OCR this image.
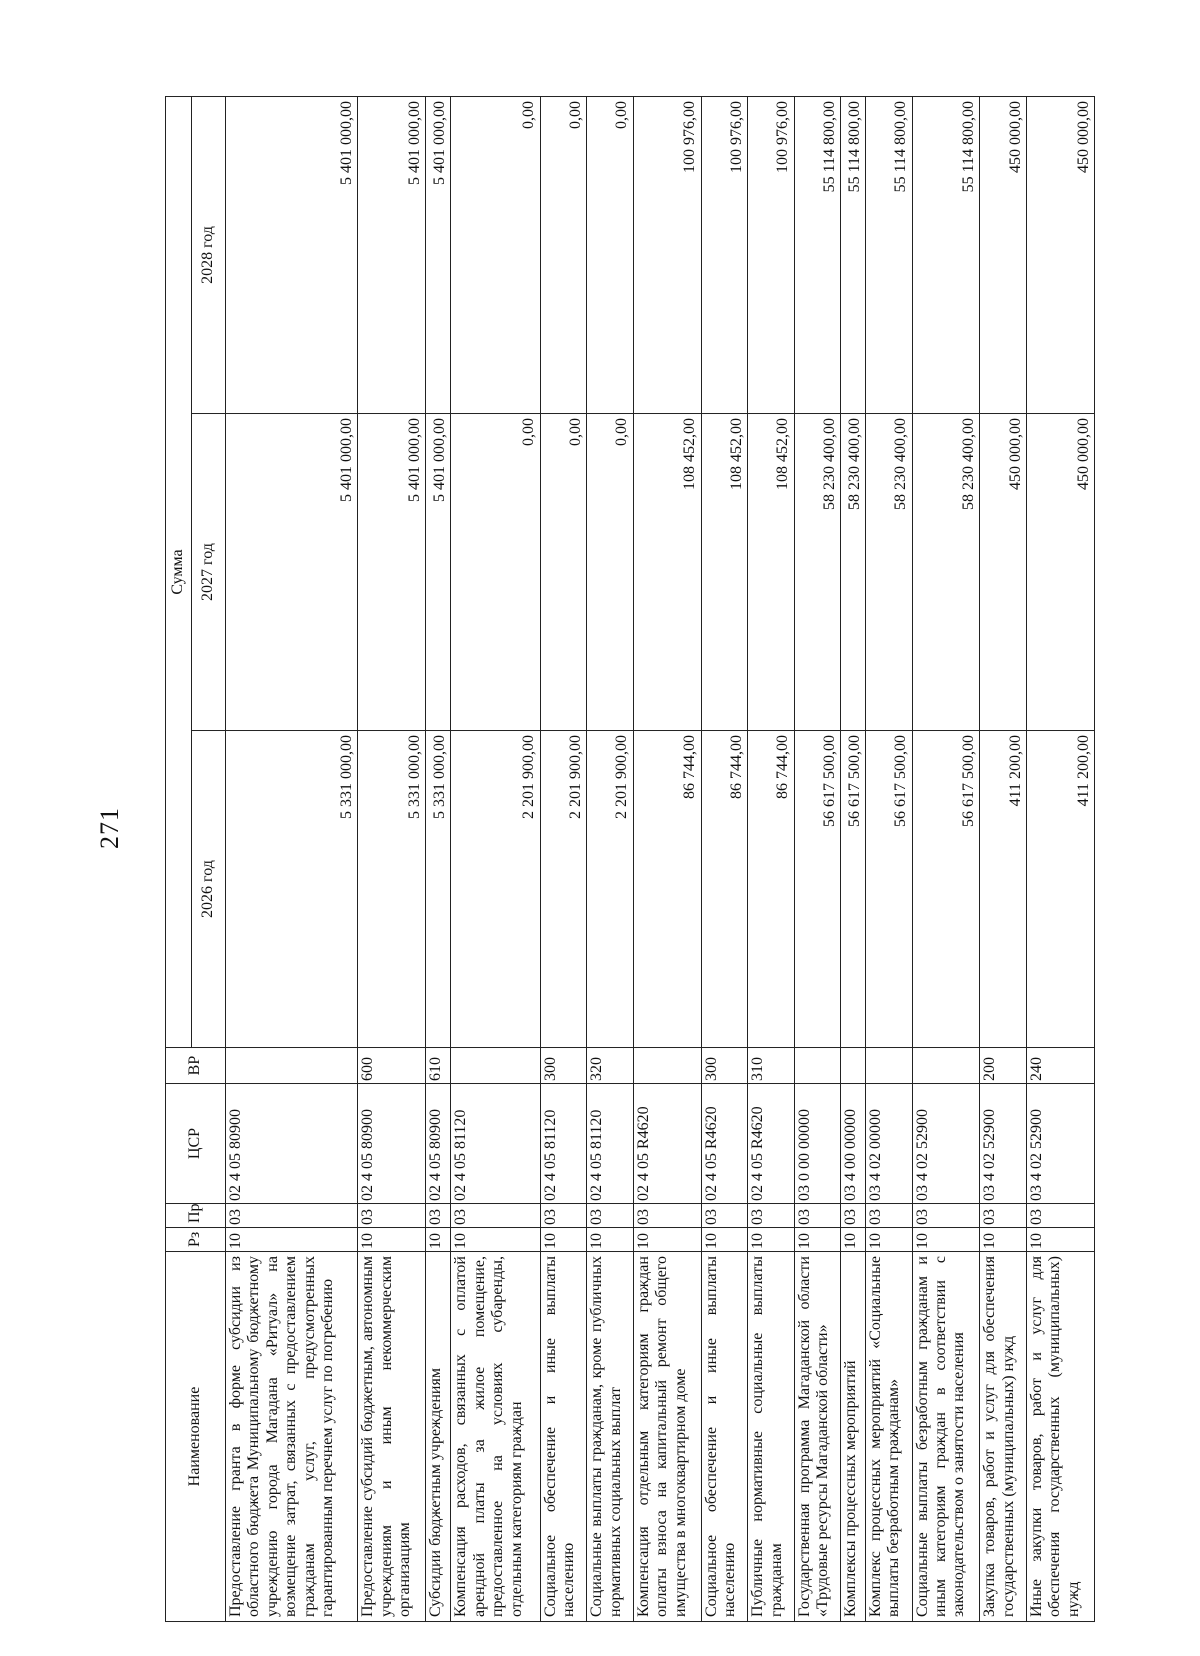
271
Наименование	Рз	Пр	ЦСР	ВР	Сумма		
					2026 год	2027 год	2028 год
Предоставление гранта в форме субсидии из областного бюджета Муниципальному бюджетному учреждению города Магадана «Ритуал» на возмещение затрат, связанных с предоставлением гражданам услуг, предусмотренных гарантированным перечнем услуг по погребению	10	03	02 4 05 80900		5 331 000,00	5 401 000,00	5 401 000,00
Предоставление субсидий бюджетным, автономным учреждениям и иным некоммерческим организациям	10	03	02 4 05 80900	600	5 331 000,00	5 401 000,00	5 401 000,00
Субсидии бюджетным учреждениям	10	03	02 4 05 80900	610	5 331 000,00	5 401 000,00	5 401 000,00
Компенсация расходов, связанных с оплатой арендной платы за жилое помещение, предоставленное на условиях субаренды, отдельным категориям граждан	10	03	02 4 05 81120		2 201 900,00	0,00	0,00
Социальное обеспечение и иные выплаты населению	10	03	02 4 05 81120	300	2 201 900,00	0,00	0,00
Социальные выплаты гражданам, кроме публичных нормативных социальных выплат	10	03	02 4 05 81120	320	2 201 900,00	0,00	0,00
Компенсация отдельным категориям граждан оплаты взноса на капитальный ремонт общего имущества в многоквартирном доме	10	03	02 4 05 R4620		86 744,00	108 452,00	100 976,00
Социальное обеспечение и иные выплаты населению	10	03	02 4 05 R4620	300	86 744,00	108 452,00	100 976,00
Публичные нормативные социальные выплаты гражданам	10	03	02 4 05 R4620	310	86 744,00	108 452,00	100 976,00
Государственная программа Магаданской области «Трудовые ресурсы Магаданской области»	10	03	03 0 00 00000		56 617 500,00	58 230 400,00	55 114 800,00
Комплексы процессных мероприятий	10	03	03 4 00 00000		56 617 500,00	58 230 400,00	55 114 800,00
Комплекс процессных мероприятий «Социальные выплаты безработным гражданам»	10	03	03 4 02 00000		56 617 500,00	58 230 400,00	55 114 800,00
Социальные выплаты безработным гражданам и иным категориям граждан в соответствии с законодательством о занятости населения	10	03	03 4 02 52900		56 617 500,00	58 230 400,00	55 114 800,00
Закупка товаров, работ и услуг для обеспечения государственных (муниципальных) нужд	10	03	03 4 02 52900	200	411 200,00	450 000,00	450 000,00
Иные закупки товаров, работ и услуг для обеспечения государственных (муниципальных) нужд	10	03	03 4 02 52900	240	411 200,00	450 000,00	450 000,00
